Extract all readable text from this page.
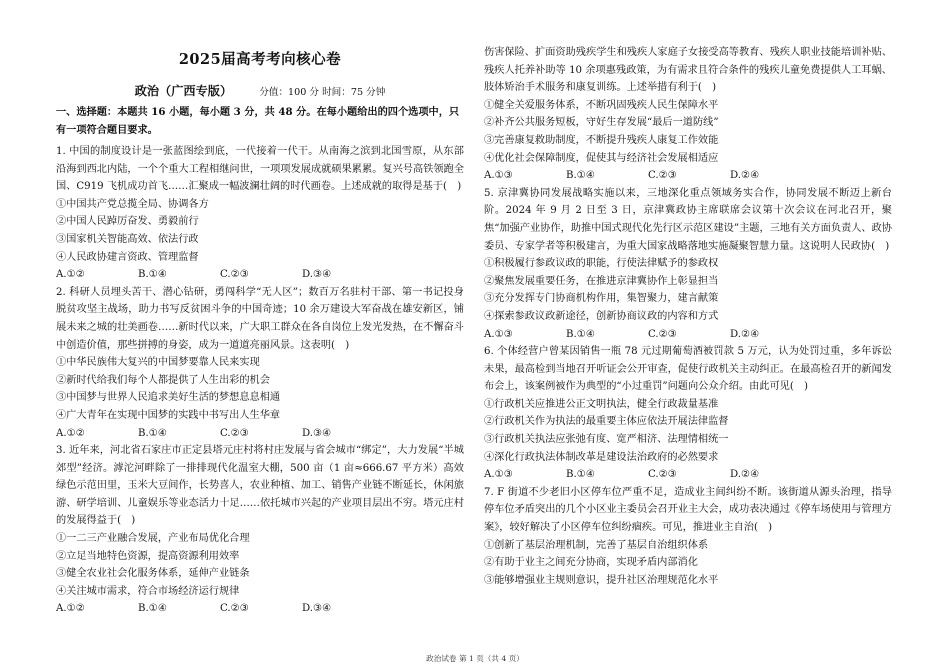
2025届高考考向核心卷
政治（广西专版）	分值：100 分 时间：75 分钟
一、选择题：本题共 16 小题，每小题 3 分，共 48 分。在每小题给出的四个选项中，只有一项符合题目要求。

1. 中国的制度设计是一张蓝图绘到底，一代接着一代干。从南海之滨到北国雪原，从东部沿海到西北内陆，一个个重大工程相继问世，一项项发展成就硕果累累。复兴号高铁领跑全国、C919 飞机成功首飞……汇聚成一幅波澜壮阔的时代画卷。上述成就的取得是基于(　)

①中国共产党总揽全局、协调各方

②中国人民踔厉奋发、勇毅前行

③国家机关智能高效、依法行政

④人民政协建言资政、管理监督

A.①②	B.①④	C.②③	D.③④

2. 科研人员埋头苦干、潜心钻研，勇闯科学“无人区”；数百万名驻村干部、第一书记投身脱贫攻坚主战场，助力书写反贫困斗争的中国奇迹；10 余万建设大军奋战在雄安新区，铺展未来之城的壮美画卷……新时代以来，广大职工群众在各自岗位上发光发热，在不懈奋斗中创造价值，那些拼搏的身姿，成为一道道亮丽风景。这表明(　)

①中华民族伟大复兴的中国梦要靠人民来实现

②新时代给我们每个人都提供了人生出彩的机会

③中国梦与世界人民追求美好生活的梦想息息相通

④广大青年在实现中国梦的实践中书写出人生华章

A.①②	B.①④	C.②③	D.③④

3. 近年来，河北省石家庄市正定县塔元庄村将村庄发展与省会城市“绑定”，大力发展“半城郊型”经济。滹沱河畔除了一排排现代化温室大棚，500 亩（1 亩≈666.67 平方米）高效绿色示范田里，玉米大豆间作，长势喜人，农业种植、加工、销售产业链不断延长，休闲旅游、研学培训、儿童娱乐等业态活力十足……依托城市兴起的产业项目层出不穷。塔元庄村的发展得益于(　)

①一二三产业融合发展，产业布局优化合理

②立足当地特色资源，提高资源利用效率

③健全农业社会化服务体系，延伸产业链条

④关注城市需求，符合市场经济运行规律

A.①②	B.①④	C.②③	D.③④

伤害保险、扩面资助残疾学生和残疾人家庭子女接受高等教育、残疾人职业技能培训补贴、残疾人托养补助等 10 余项惠残政策，为有需求且符合条件的残疾儿童免费提供人工耳蜗、肢体矫治手术服务和康复训练。上述举措有利于(　)

①健全关爱服务体系，不断巩固残疾人民生保障水平

②补齐公共服务短板，守好生存发展“最后一道防线”

③完善康复救助制度，不断提升残疾人康复工作效能

④优化社会保障制度，促使其与经济社会发展相适应

A.①③	B.①④	C.②③	D.②④

5. 京津冀协同发展战略实施以来，三地深化重点领域务实合作，协同发展不断迈上新台阶。2024 年 9 月 2 日至 3 日，京津冀政协主席联席会议第十次会议在河北召开，聚焦“加强产业协作，助推中国式现代化先行区示范区建设”主题，三地有关方面负责人、政协委员、专家学者等积极建言，为重大国家战略落地实施凝聚智慧力量。这说明人民政协(　)

①积极履行参政议政的职能，行使法律赋予的参政权

②聚焦发展重要任务，在推进京津冀协作上彰显担当

③充分发挥专门协商机构作用，集智聚力，建言献策

④探索参政议政新途径，创新协商议政的内容和方式

A.①③	B.①④	C.②③	D.②④

6. 个体经营户曾某因销售一瓶 78 元过期葡萄酒被罚款 5 万元，认为处罚过重，多年诉讼未果，最高检到当地召开听证会公开审查，促使行政机关主动纠正。在最高检召开的新闻发布会上，该案例被作为典型的“小过重罚”问题向公众介绍。由此可见(　)

①行政机关应推进公正文明执法，健全行政裁量基准

②行政机关作为执法的最重要主体应依法开展法律监督

③行政机关执法应张弛有度、宽严相济、法理情相统一

④深化行政执法体制改革是建设法治政府的必然要求

A.①③	B.①④	C.②③	D.②④

7. F 街道不少老旧小区停车位严重不足，造成业主间纠纷不断。该街道从源头治理，指导停车位矛盾突出的几个小区业主委员会召开业主大会，成功表决通过《停车场使用与管理方案》，较好解决了小区停车位纠纷痼疾。可见，推进业主自治(　)

①创新了基层治理机制，完善了基层自治组织体系

②有助于业主之间充分协商，实现矛盾内部消化

③能够增强业主规则意识，提升社区治理规范化水平

政治试卷 第 1 页（共 4 页）
